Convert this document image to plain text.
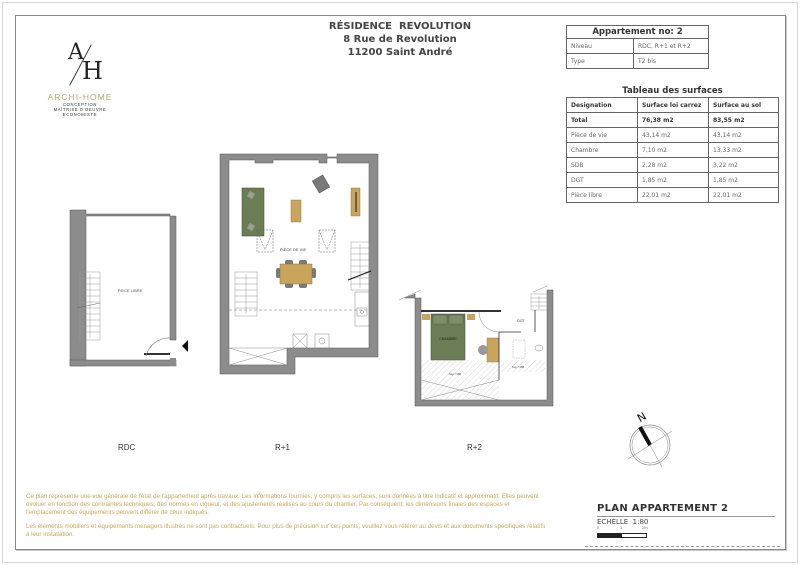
A
H
ARCHI-HOME
CONCEPTION
MAÎTRISE D'OEUVRE
ECONOMISTE
RÉSIDENCE  REVOLUTION
8 Rue de Revolution
11200 Saint André
Appartement no: 2	
Niveau	RDC, R+1 et R+2
Type	T2 bis
Tableau des surfaces
Designation	Surface loi carrez	Surface au sol
Total	76,38 m2	83,55 m2
Pièce de vie	43,14 m2	43,14 m2
Chambre	7,10 m2	13,33 m2
SDB	2,28 m2	3,22 m2
DGT	1,85 m2	1,85 m2
Pièce libre	22,01 m2	22,01 m2
PIECE LIBRE
PIÈCE DE VIE
CHAMBRE
DGT
hsp <180
hsp <180
RDC	R+1	R+2
N

Ce plan représente une vue générale de l'état de l'appartement après travaux. Les informations fournies, y compris les surfaces, sont données à titre indicatif et approximatif. Elles peuvent évoluer en fonction des contraintes techniques, des normes en vigueur, et des ajustements réalisés au cours du chantier. Par conséquent, les dimensions finales des espaces et l'emplacement des équipements peuvent différer de ceux indiqués.

Les éléments mobiliers et équipements ménagers illustrés ne sont pas contractuels. Pour plus de précision sur ces points, veuillez vous référer au devis et aux documents spécifiques relatifs à leur installation.

PLAN APPARTEMENT 2
ECHELLE  1:80
0	1	2m
